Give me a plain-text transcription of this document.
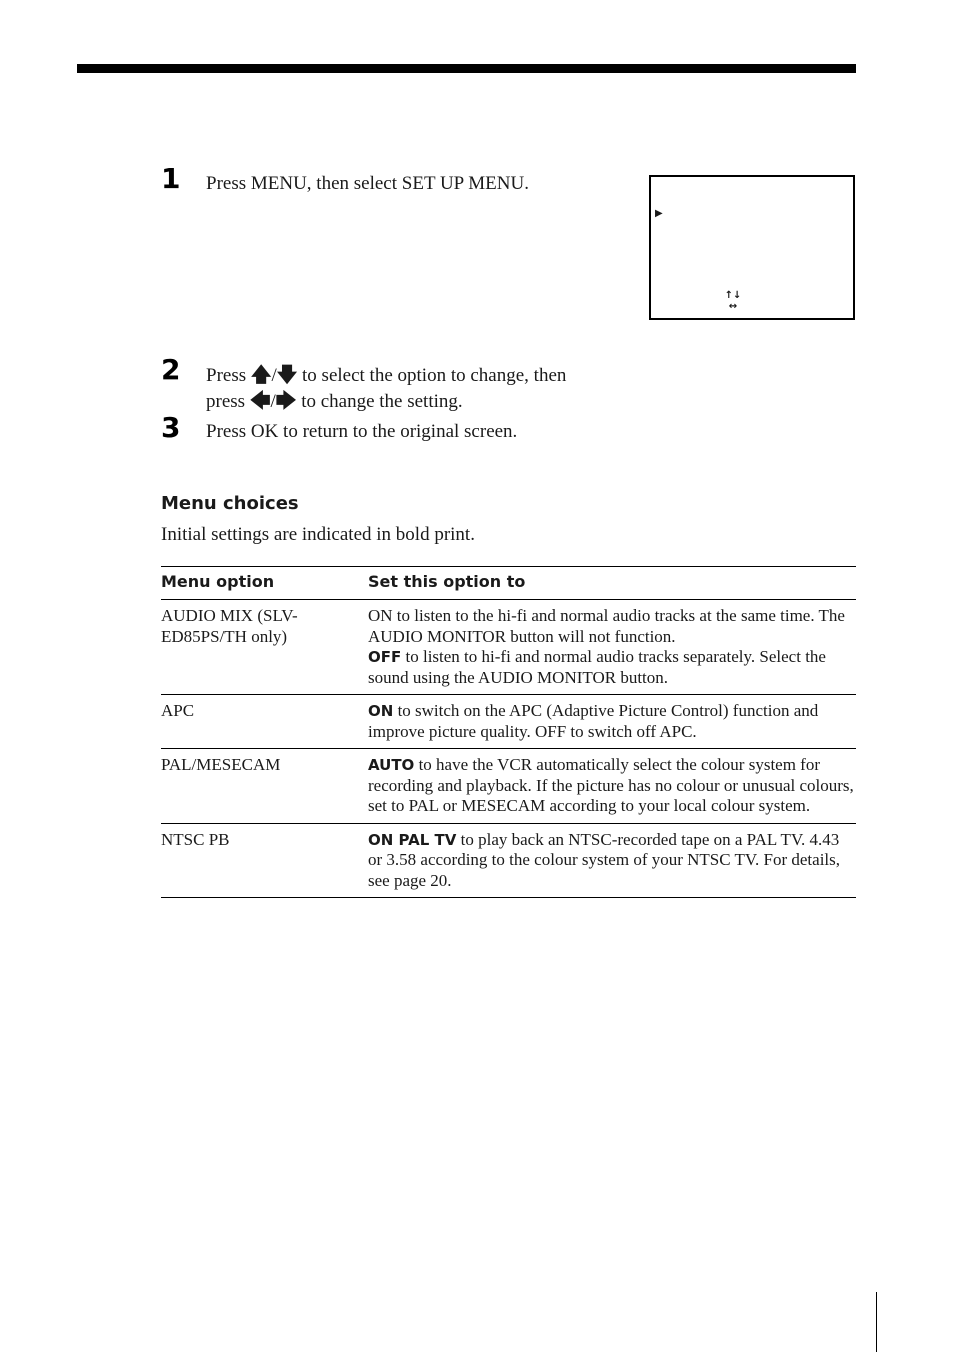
1 Press MENU, then select SET UP MENU.
▶
↑↓
↔
2 Press 🡅/🡇 to select the option to change, then
press 🡄/🡆 to change the setting.
3 Press OK to return to the original screen.
Menu choices
Initial settings are indicated in bold print.
Menu option	Set this option to
AUDIO MIX (SLV-ED85PS/TH only)	ON to listen to the hi-fi and normal audio tracks at the same time. The AUDIO MONITOR button will not function.
OFF to listen to hi-fi and normal audio tracks separately. Select the sound using the AUDIO MONITOR button.

APC	ON to switch on the APC (Adaptive Picture Control) function and improve picture quality. OFF to switch off APC.

PAL/MESECAM	AUTO to have the VCR automatically select the colour system for recording and playback. If the picture has no colour or unusual colours, set to PAL or MESECAM according to your local colour system.

NTSC PB	ON PAL TV to play back an NTSC-recorded tape on a PAL TV. 4.43 or 3.58 according to the colour system of your NTSC TV. For details, see page 20.
